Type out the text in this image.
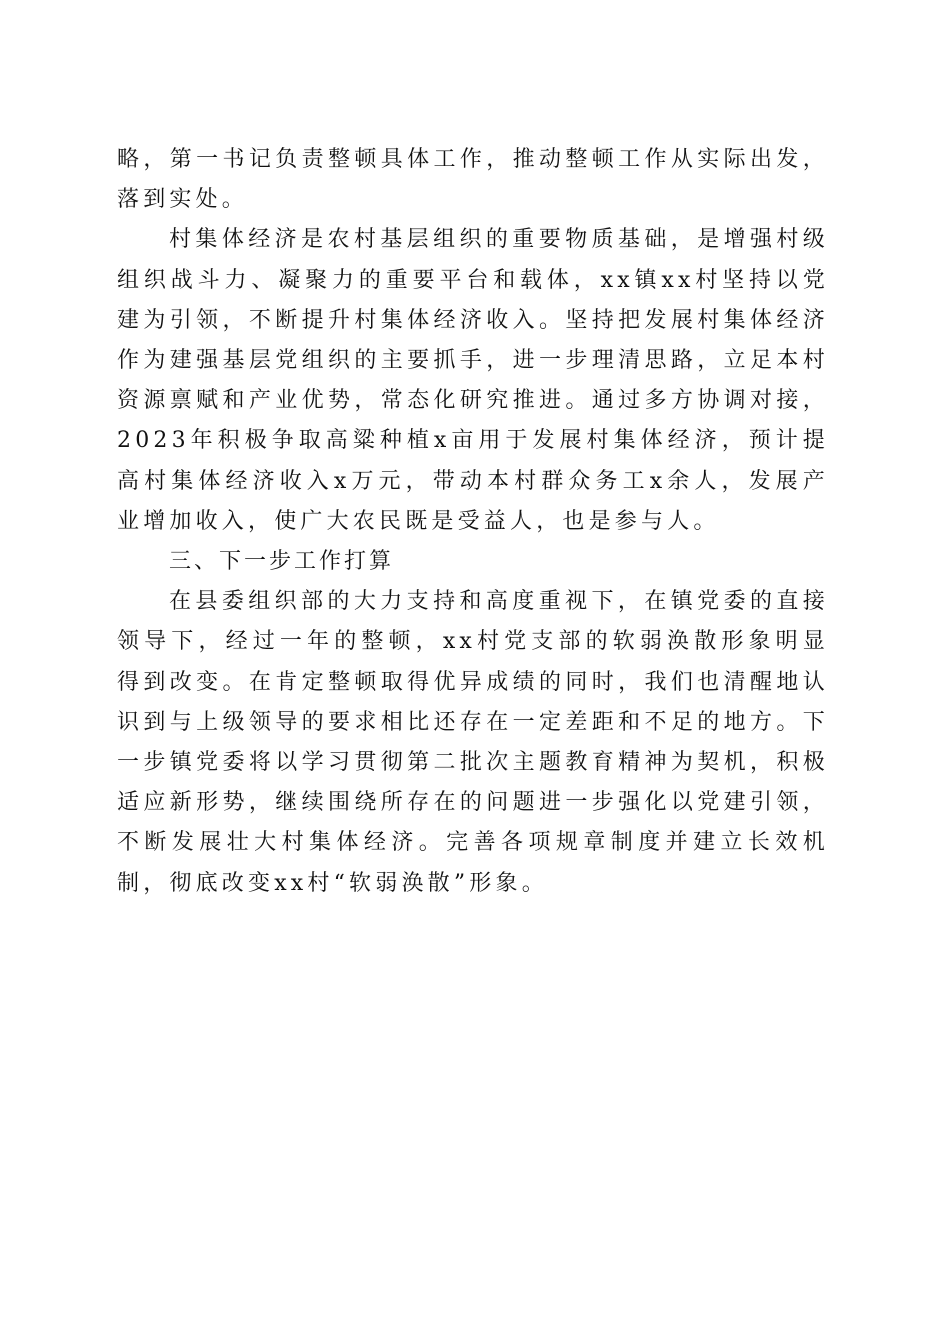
略，第一书记负责整顿具体工作，推动整顿工作从实际出发，落到实处。

村集体经济是农村基层组织的重要物质基础，是增强村级组织战斗力、凝聚力的重要平台和载体，xx镇xx村坚持以党建为引领，不断提升村集体经济收入。坚持把发展村集体经济作为建强基层党组织的主要抓手，进一步理清思路，立足本村资源禀赋和产业优势，常态化研究推进。通过多方协调对接，2023年积极争取高粱种植x亩用于发展村集体经济，预计提高村集体经济收入x万元，带动本村群众务工x余人，发展产业增加收入，使广大农民既是受益人，也是参与人。

三、下一步工作打算

在县委组织部的大力支持和高度重视下，在镇党委的直接领导下，经过一年的整顿，xx村党支部的软弱涣散形象明显得到改变。在肯定整顿取得优异成绩的同时，我们也清醒地认识到与上级领导的要求相比还存在一定差距和不足的地方。下一步镇党委将以学习贯彻第二批次主题教育精神为契机，积极适应新形势，继续围绕所存在的问题进一步强化以党建引领，不断发展壮大村集体经济。完善各项规章制度并建立长效机制，彻底改变xx村“软弱涣散”形象。
